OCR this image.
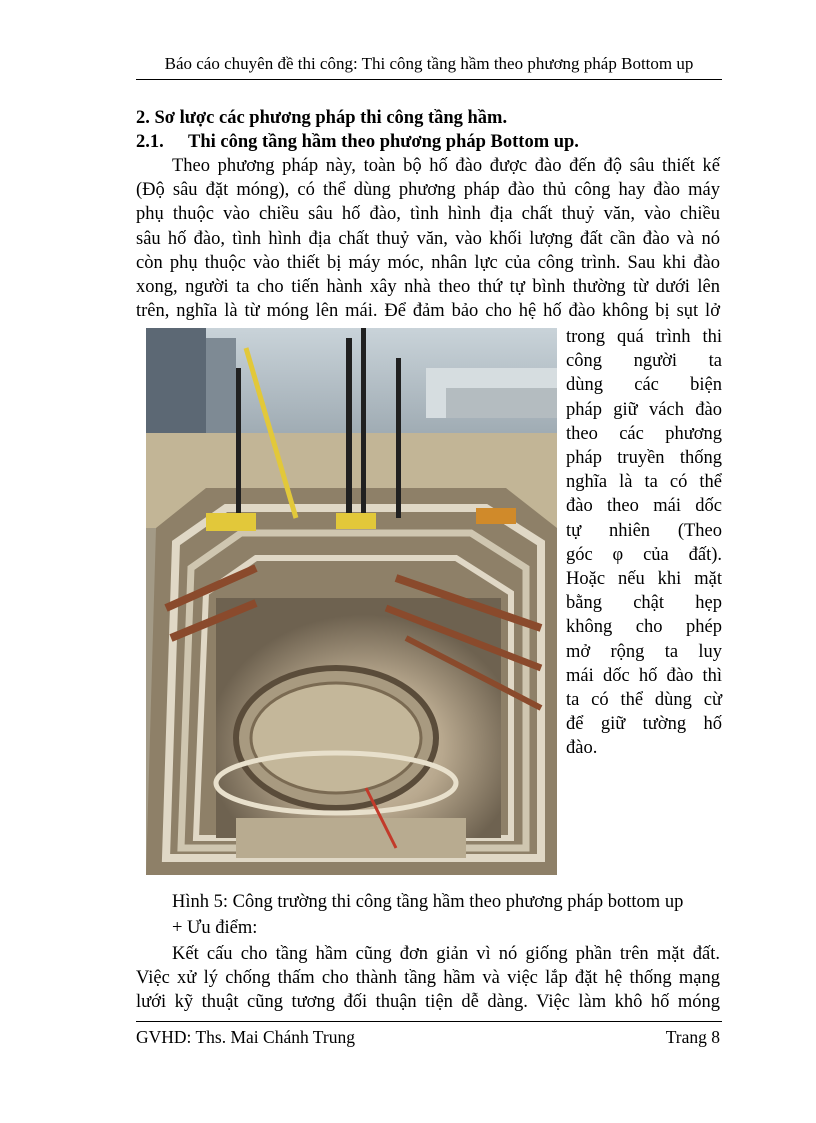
Báo cáo chuyên đề thi công: Thi công tầng hầm theo phương pháp Bottom up
2. Sơ lược các phương pháp thi công tầng hầm.
2.1. Thi công tầng hầm theo phương pháp Bottom up.
Theo phương pháp này, toàn bộ hố đào được đào đến độ sâu thiết kế
(Độ sâu đặt móng), có thể dùng phương pháp đào thủ công hay đào máy
phụ thuộc vào chiều sâu hố đào, tình hình địa chất thuỷ văn, vào chiều
sâu hố đào, tình hình địa chất thuỷ văn, vào khối lượng đất cần đào và nó
còn phụ thuộc vào thiết bị máy móc, nhân lực của công trình. Sau khi đào
xong, người ta cho tiến hành xây nhà theo thứ tự bình thường từ dưới lên
trên, nghĩa là từ móng lên mái. Để đảm bảo cho hệ hố đào không bị sụt lở
trong quá trình thi
công người ta
dùng các biện
pháp giữ vách đào
theo các phương
pháp truyền thống
nghĩa là ta có thể
đào theo mái dốc
tự nhiên (Theo
góc φ của đất).
Hoặc nếu khi mặt
bằng chật hẹp
không cho phép
mở rộng ta luy
mái dốc hố đào thì
ta có thể dùng cừ
để giữ tường hố
đào.
Hình 5: Công trường thi công tầng hầm theo phương pháp bottom up
+ Ưu điểm:
Kết cấu cho tầng hầm cũng đơn giản vì nó giống phần trên mặt đất.
Việc xử lý chống thấm cho thành tầng hầm và việc lắp đặt hệ thống mạng
lưới kỹ thuật cũng tương đối thuận tiện dễ dàng. Việc làm khô hố móng
GVHD: Ths. Mai Chánh Trung	Trang 8
